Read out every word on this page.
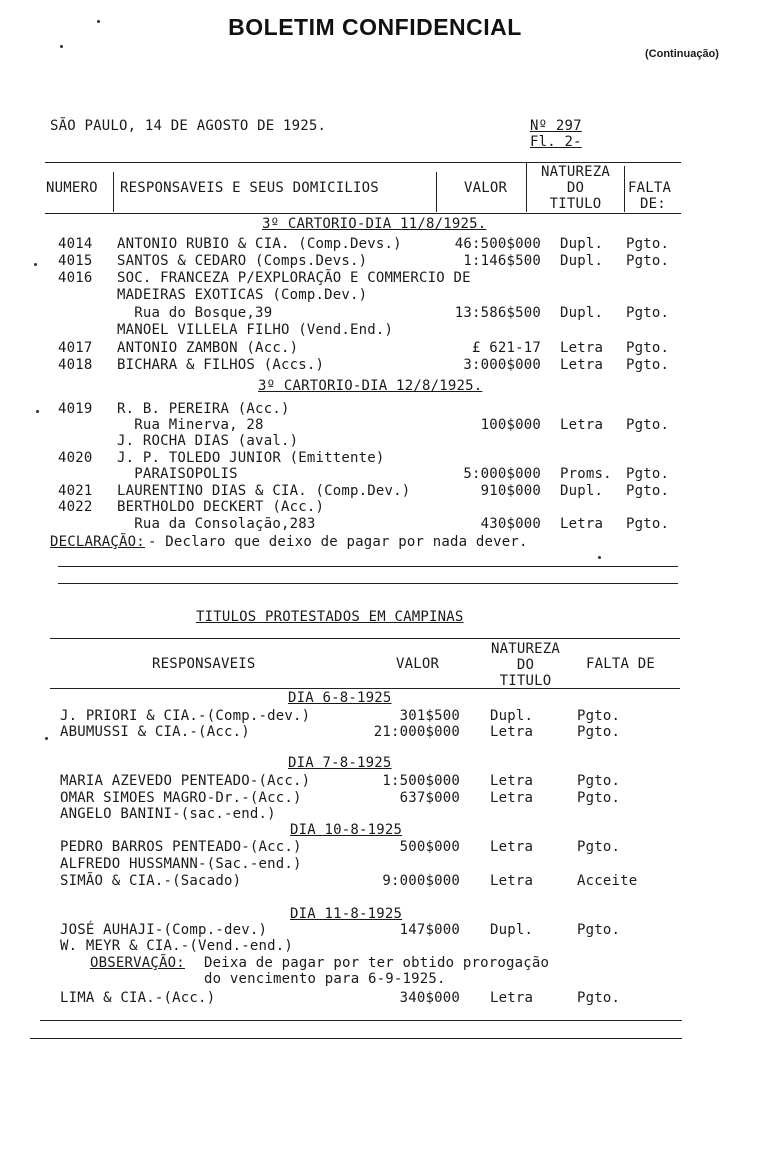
BOLETIM CONFIDENCIAL
(Continuação)
SÃO PAULO, 14 DE AGOSTO DE 1925.	Nº 297
Fl. 2-
NUMERO RESPONSAVEIS E SEUS DOMICILIOS	VALOR
NATUREZA
DO
TITULO
FALTA
DE:
3º CARTORIO-DIA 11/8/1925.
4014 ANTONIO RUBIO & CIA. (Comp.Devs.)	46:500$000 Dupl. Pgto.
4015 SANTOS & CEDARO (Comps.Devs.)	1:146$500 Dupl. Pgto.
4016 SOC. FRANCEZA P/EXPLORAÇÃO E COMMERCIO DE
MADEIRAS EXOTICAS (Comp.Dev.)
Rua do Bosque,39	13:586$500 Dupl. Pgto.
MANOEL VILLELA FILHO (Vend.End.)
4017 ANTONIO ZAMBON (Acc.)	£ 621-17 Letra Pgto.
4018 BICHARA & FILHOS (Accs.)	3:000$000 Letra Pgto.
3º CARTORIO-DIA 12/8/1925.
4019 R. B. PEREIRA (Acc.)
Rua Minerva, 28	100$000 Letra Pgto.
J. ROCHA DIAS (aval.)
4020 J. P. TOLEDO JUNIOR (Emittente)
PARAISOPOLIS	5:000$000 Proms. Pgto.
4021 LAURENTINO DIAS & CIA. (Comp.Dev.)	910$000 Dupl. Pgto.
4022 BERTHOLDO DECKERT (Acc.)
Rua da Consolação,283	430$000 Letra Pgto.
DECLARAÇÃO: - Declaro que deixo de pagar por nada dever.
TITULOS PROTESTADOS EM CAMPINAS
RESPONSAVEIS	VALOR
NATUREZA
DO
TITULO
FALTA DE
DIA 6-8-1925
J. PRIORI & CIA.-(Comp.-dev.)	301$500 Dupl.	Pgto.
ABUMUSSI & CIA.-(Acc.)	21:000$000 Letra	Pgto.
DIA 7-8-1925
MARIA AZEVEDO PENTEADO-(Acc.)	1:500$000 Letra	Pgto.
OMAR SIMOES MAGRO-Dr.-(Acc.)	637$000 Letra	Pgto.
ANGELO BANINI-(sac.-end.)
DIA 10-8-1925
PEDRO BARROS PENTEADO-(Acc.)	500$000 Letra	Pgto.
ALFREDO HUSSMANN-(Sac.-end.)
SIMÃO & CIA.-(Sacado)	9:000$000 Letra	Acceite
DIA 11-8-1925
JOSÉ AUHAJI-(Comp.-dev.)	147$000 Dupl.	Pgto.
W. MEYR & CIA.-(Vend.-end.)
OBSERVAÇÃO: Deixa de pagar por ter obtido prorogação
do vencimento para 6-9-1925.
LIMA & CIA.-(Acc.)	340$000 Letra	Pgto.
